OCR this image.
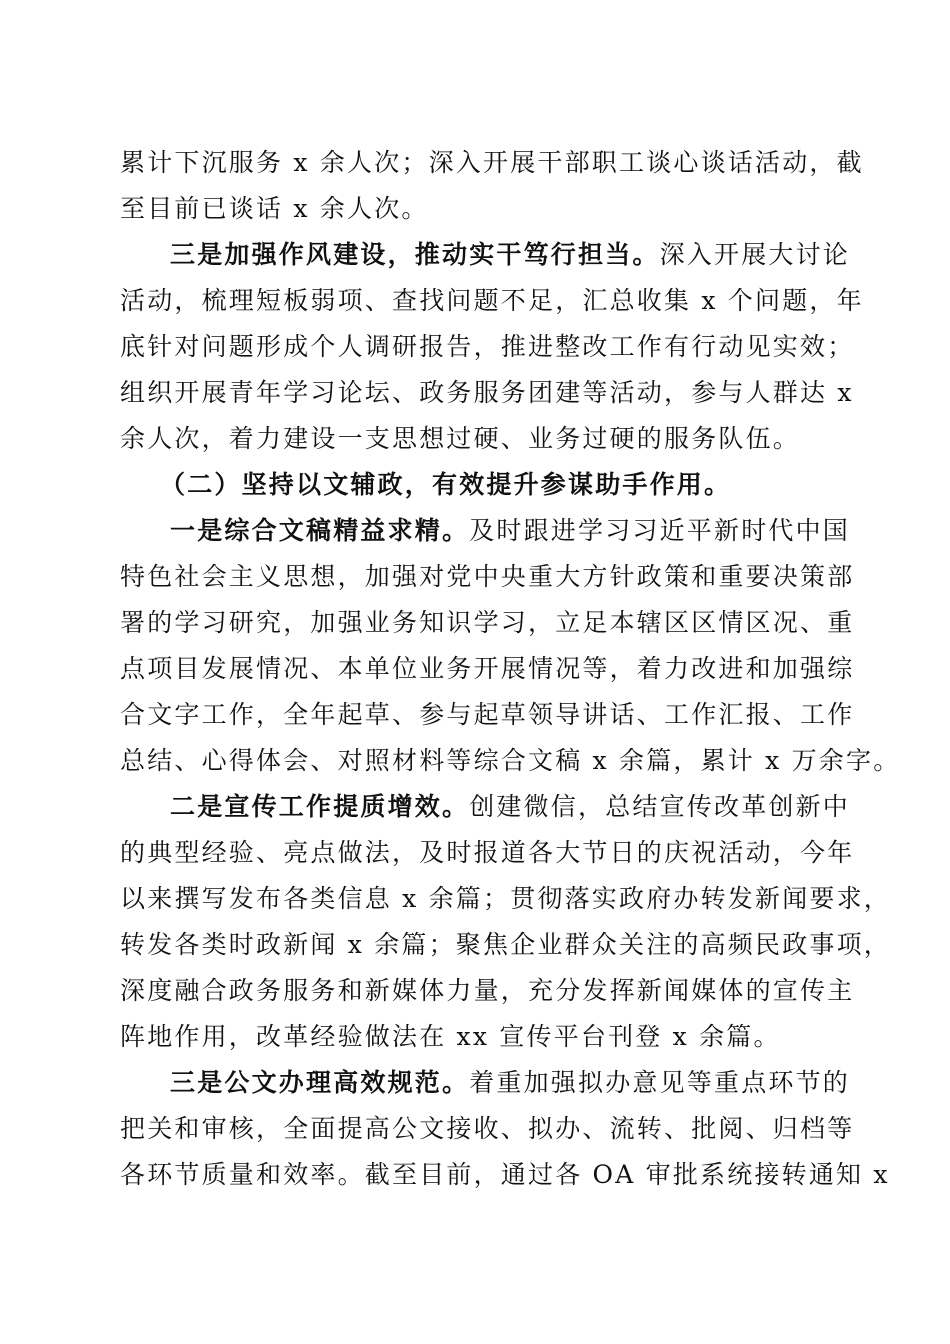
累计下沉服务 x 余人次；深入开展干部职工谈心谈话活动，截
至目前已谈话 x 余人次。
三是加强作风建设，推动实干笃行担当。深入开展大讨论
活动，梳理短板弱项、查找问题不足，汇总收集 x 个问题，年
底针对问题形成个人调研报告，推进整改工作有行动见实效；
组织开展青年学习论坛、政务服务团建等活动，参与人群达 x
余人次，着力建设一支思想过硬、业务过硬的服务队伍。
（二）坚持以文辅政，有效提升参谋助手作用。
一是综合文稿精益求精。及时跟进学习习近平新时代中国
特色社会主义思想，加强对党中央重大方针政策和重要决策部
署的学习研究，加强业务知识学习，立足本辖区区情区况、重
点项目发展情况、本单位业务开展情况等，着力改进和加强综
合文字工作，全年起草、参与起草领导讲话、工作汇报、工作
总结、心得体会、对照材料等综合文稿 x 余篇，累计 x 万余字。
二是宣传工作提质增效。创建微信，总结宣传改革创新中
的典型经验、亮点做法，及时报道各大节日的庆祝活动，今年
以来撰写发布各类信息 x 余篇；贯彻落实政府办转发新闻要求，
转发各类时政新闻 x 余篇；聚焦企业群众关注的高频民政事项，
深度融合政务服务和新媒体力量，充分发挥新闻媒体的宣传主
阵地作用，改革经验做法在 xx 宣传平台刊登 x 余篇。
三是公文办理高效规范。着重加强拟办意见等重点环节的
把关和审核，全面提高公文接收、拟办、流转、批阅、归档等
各环节质量和效率。截至目前，通过各 OA 审批系统接转通知 x
